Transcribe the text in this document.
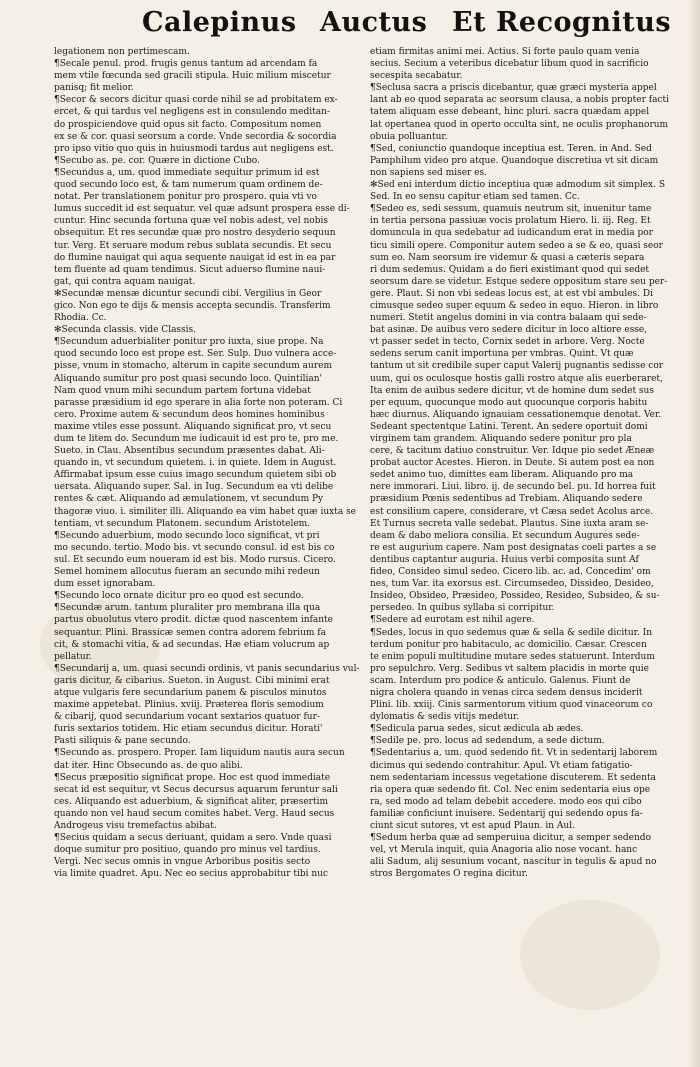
Calepinus Auctus Et Recognitus
legationem non pertimescam.
¶Secale penul. prod. frugis genus tantum ad arcendam fa
mem vtile fœcunda sed gracili stipula. Huic milium miscetur
panisq; fit melior.
¶Secor & secors dicitur quasi corde nihil se ad probitatem ex-
ercet, & qui tardus vel negligens est in consulendo meditan-
do prospiciendove quid opus sit facto. Compositum nomen
ex se & cor. quasi seorsum a corde. Vnde secordia & socordia
pro ipso vitio quo quis in huiusmodi tardus aut negligens est.
¶Secubo as. pe. cor. Quære in dictione Cubo.
¶Secundus a, um. quod immediate sequitur primum id est
quod secundo loco est, & tam numerum quam ordinem de-
notat. Per translationem ponitur pro prospero. quia vti vo
lumus succedit id est sequatur. vel quæ adsunt prospera esse di-
cuntur. Hinc secunda fortuna quæ vel nobis adest, vel nobis
obsequitur. Et res secundæ quæ pro nostro desyderio sequun
tur. Verg. Et seruare modum rebus sublata secundis. Et secu
do flumine nauigat qui aqua sequente nauigat id est in ea par
tem fluente ad quam tendimus. Sicut aduerso flumine naui-
gat, qui contra aquam nauigat.
✻Secundæ mensæ dicuntur secundi cibi. Vergilius in Geor
gico. Non ego te dijs & mensis accepta secundis. Transferim
Rhodia. Cc.
✻Secunda classis. vide Classis.
¶Secundum aduerbialiter ponitur pro iuxta, siue prope. Na
quod secundo loco est prope est. Ser. Sulp. Duo vulnera acce-
pisse, vnum in stomacho, alterum in capite secundum aurem
Aliquando sumitur pro post quasi secundo loco. Quintilian'
Nam quod vnum mihi secundum partem fortuna videbat
parasse præsidium id ego sperare in alia forte non poteram. Ci
cero. Proxime autem & secundum deos homines hominibus
maxime vtiles esse possunt. Aliquando significat pro, vt secu
dum te litem do. Secundum me iudicauit id est pro te, pro me.
Sueto. in Clau. Absentibus secundum præsentes dabat. Ali-
quando in, vt secundum quietem. i. in quiete. Idem in August.
Affirmabat ipsum esse cuius imago secundum quietem sibi ob
uersata. Aliquando super. Sal. in Iug. Secundum ea vti delibe
rentes & cæt. Aliquando ad æmulationem, vt secundum Py
thagoræ viuo. i. similiter illi. Aliquando ea vim habet quæ iuxta se
tentiam, vt secundum Platonem. secundum Aristotelem.
¶Secundo aduerbium, modo secundo loco significat, vt pri
mo secundo. tertio. Modo bis. vt secundo consul. id est bis co
sul. Et secundo eum noueram id est bis. Modo rursus. Cicero.
Semel hominem allocutus fueram an secundo mihi redeun
dum esset ignorabam.
¶Secundo loco ornate dicitur pro eo quod est secundo.
¶Secundæ arum. tantum pluraliter pro membrana illa qua
partus obuolutus vtero prodit. dictæ quod nascentem infante
sequantur. Plini. Brassicæ semen contra adorem febrium fa
cit, & stomachi vitia, & ad secundas. Hæ etiam volucrum ap
pellatur.
¶Secundarij a, um. quasi secundi ordinis, vt panis secundarius vul-
garis dicitur, & cibarius. Sueton. in August. Cibi minimi erat
atque vulgaris fere secundarium panem & pisculos minutos
maxime appetebat. Plinius. xviij. Præterea floris semodium
& cibarij, quod secundarium vocant sextarios quatuor fur-
furis sextarios totidem. Hic etiam secundus dicitur. Horati'
Pasti siliquis & pane secundo.
¶Secundo as. prospero. Proper. Iam liquidum nautis aura secun
dat iter. Hinc Obsecundo as. de quo alibi.
¶Secus præpositio significat prope. Hoc est quod immediate
secat id est sequitur, vt Secus decursus aquarum feruntur sali
ces. Aliquando est aduerbium, & significat aliter, præsertim
quando non vel haud secum comites habet. Verg. Haud secus
Androgeus visu tremefactus abibat.
¶Secius quidam a secus deriuant, quidam a sero. Vnde quasi
doque sumitur pro positiuo, quando pro minus vel tardius.
Vergi. Nec secus omnis in vngue Arboribus positis secto
via limite quadret. Apu. Nec eo secius approbabitur tibi nuc
etiam firmitas animi mei. Actius. Si forte paulo quam venia
secius. Secium a veteribus dicebatur libum quod in sacrificio
secespita secabatur.
¶Seclusa sacra a priscis dicebantur, quæ græci mysteria appel
lant ab eo quod separata ac seorsum clausa, a nobis propter facti
tatem aliquam esse debeant, hinc pluri. sacra quædam appel
lat opertanea quod in operto occulta sint, ne oculis prophanorum
obuia polluantur.
¶Sed, coniunctio quandoque inceptiua est. Teren. in And. Sed
Pamphilum video pro atque. Quandoque discretiua vt sit dicam
non sapiens sed miser es.
✻Sed eni interdum dictio inceptiua quæ admodum sit simplex. S
Sed. In eo sensu capitur etiam sed tamen. Cc.
¶Sedeo es, sedi sessum, quamuis neutrum sit, inuenitur tame
in tertia persona passiuæ vocis prolatum Hiero. li. iij. Reg. Et
domuncula in qua sedebatur ad iudicandum erat in media por
ticu simili opere. Componitur autem sedeo a se & eo, quasi seor
sum eo. Nam seorsum ire videmur & quasi a cæteris separa
ri dum sedemus. Quidam a do fieri existimant quod qui sedet
seorsum dare se videtur. Estque sedere oppositum stare seu per-
gere. Plaut. Si non vbi sedeas locus est, at est vbi ambules. Di
cimusque sedeo super equum & sedeo in equo. Hieron. in libro
numeri. Stetit angelus domini in via contra balaam qui sede-
bat asinæ. De auibus vero sedere dicitur in loco altiore esse,
vt passer sedet in tecto, Cornix sedet in arbore. Verg. Nocte
sedens serum canit importuna per vmbras. Quint. Vt quæ
tantum ut sit credibile super caput Valerij pugnantis sedisse cor
uum, qui os oculosque hostis galli rostro atque alis euerberaret,
Ita enim de auibus sedere dicitur, vt de homine dum sedet sus
per equum, quocunque modo aut quocunque corporis habitu
hæc diurnus. Aliquando ignauiam cessationemque denotat. Ver.
Sedeant spectentque Latini. Terent. An sedere oportuit domi
virginem tam grandem. Aliquando sedere ponitur pro pla
cere, & tacitum datiuo construitur. Ver. Idque pio sedet Æneæ
probat auctor Acestes. Hieron. in Deute. Si autem post ea non
sedet animo tuo, dimittes eam liberam. Aliquando pro ma
nere immorari. Liui. libro. ij. de secundo bel. pu. Id horrea fuit
præsidium Pœnis sedentibus ad Trebiam. Aliquando sedere
est consilium capere, considerare, vt Cæsa sedet Acolus arce.
Et Turnus secreta valle sedebat. Plautus. Sine iuxta aram se-
deam & dabo meliora consilia. Et secundum Augures sede-
re est augurium capere. Nam post designatas coeli partes a se
dentibus captantur auguria. Huius verbi composita sunt Af
fideo, Consideo simul sedeo. Cicero lib. ac. ad. Concedim' om
nes, tum Var. ita exorsus est. Circumsedeo, Dissideo, Desideo,
Insideo, Obsideo, Præsideo, Possideo, Resideo, Subsideo, & su-
persedeo. In quibus syllaba si corripitur.
¶Sedere ad eurotam est nihil agere.
¶Sedes, locus in quo sedemus quæ & sella & sedile dicitur. In
terdum ponitur pro habitaculo, ac domicilio. Cæsar. Crescen
te enim populi multitudine mutare sedes statuerunt. Interdum
pro sepulchro. Verg. Sedibus vt saltem placidis in morte quie
scam. Interdum pro podice & anticulo. Galenus. Fiunt de
nigra cholera quando in venas circa sedem densus inciderit
Plini. lib. xxiij. Cinis sarmentorum vitium quod vinaceorum co
dylomatis & sedis vitijs medetur.
¶Sedicula parua sedes, sicut ædicula ab ædes.
¶Sedile pe. pro. locus ad sedendum, a sede dictum.
¶Sedentarius a, um. quod sedendo fit. Vt in sedentarij laborem
dicimus qui sedendo contrahitur. Apul. Vt etiam fatigatio-
nem sedentariam incessus vegetatione discuterem. Et sedenta
ria opera quæ sedendo fit. Col. Nec enim sedentaria eius ope
ra, sed modo ad telam debebit accedere. modo eos qui cibo
familiæ conficiunt inuisere. Sedentarij qui sedendo opus fa-
ciunt sicut sutores, vt est apud Plaun. in Aul.
¶Sedum herba quæ ad semperuiua dicitur, a semper sedendo
vel, vt Merula inquit, quia Anagoria alio nose vocant. hanc
alii Sadum, alij sesunium vocant, nascitur in tegulis & apud no
stros Bergomates O regina dicitur.
